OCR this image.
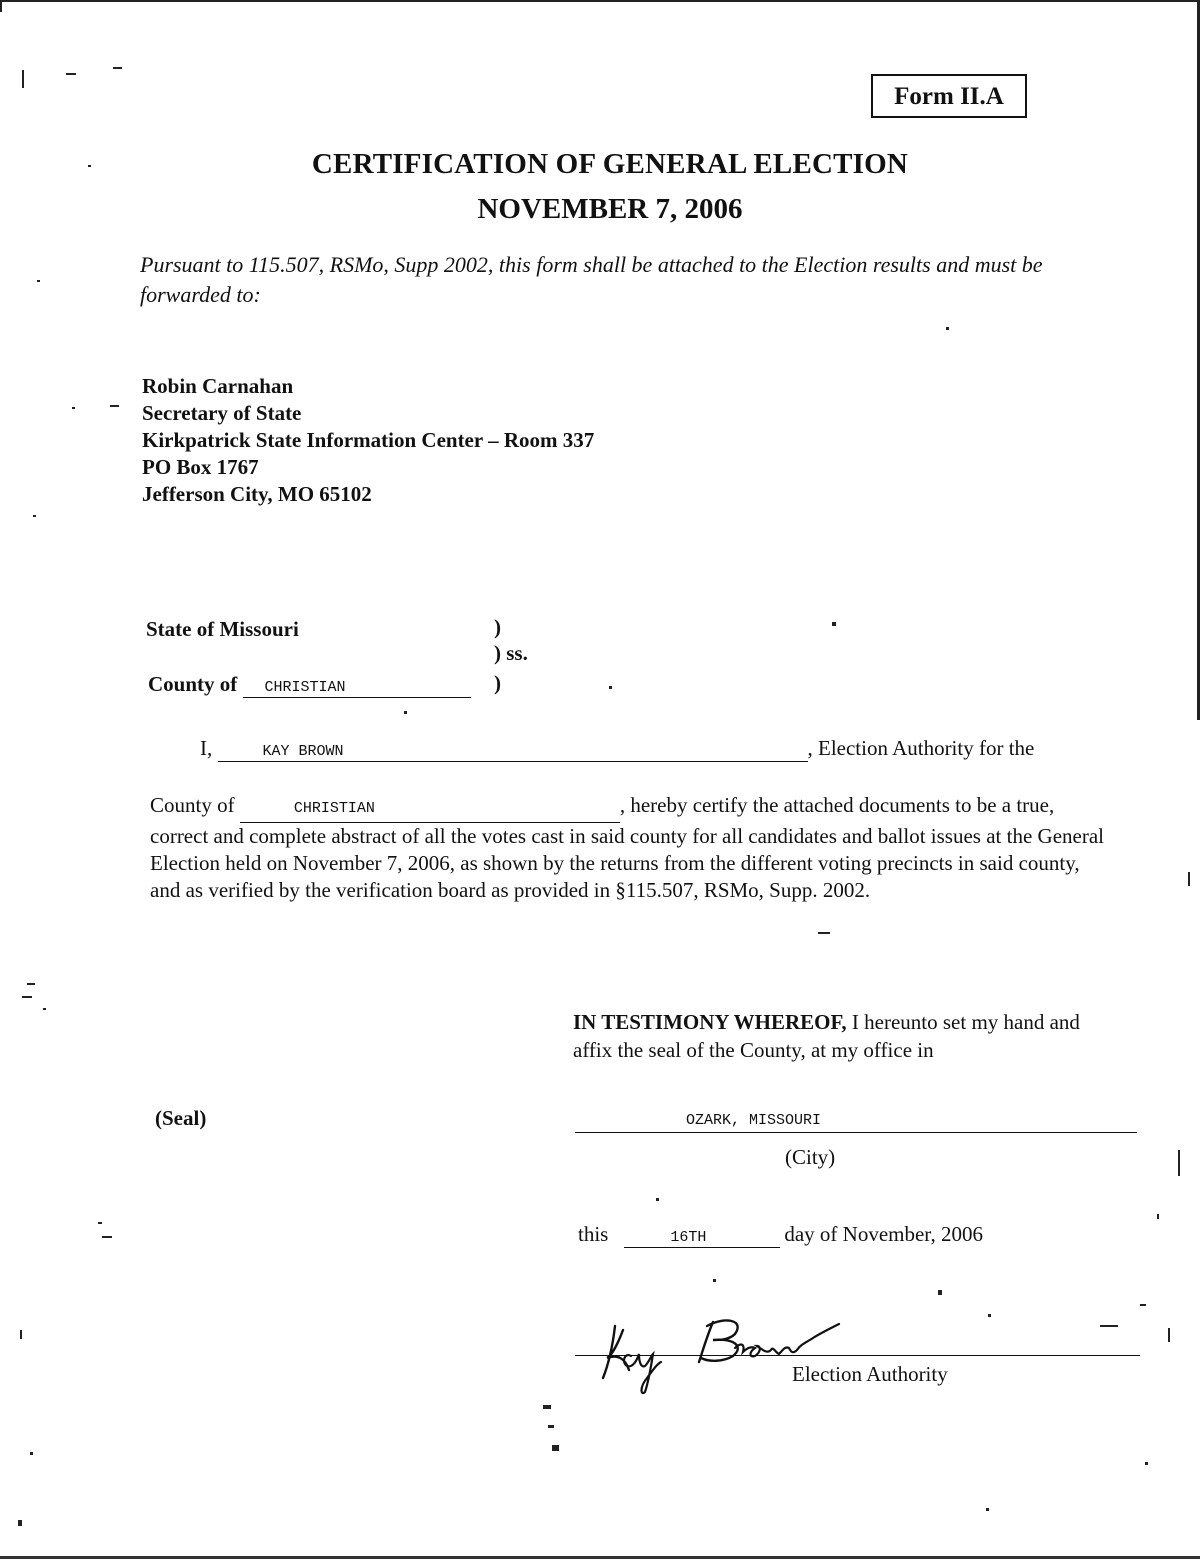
Form II.A
CERTIFICATION OF GENERAL ELECTION
NOVEMBER 7, 2006
Pursuant to 115.507, RSMo, Supp 2002, this form shall be attached to the Election results and must be forwarded to:
Robin Carnahan
Secretary of State
Kirkpatrick State Information Center – Room 337
PO Box 1767
Jefferson City, MO 65102
State of Missouri	)
) ss.
County of CHRISTIAN	)
I,	KAY BROWN	, Election Authority for the
County of	CHRISTIAN	, hereby certify the attached documents to be a true, correct and complete abstract of all the votes cast in said county for all candidates and ballot issues at the General Election held on November 7, 2006, as shown by the returns from the different voting precincts in said county, and as verified by the verification board as provided in §115.507, RSMo, Supp. 2002.
IN TESTIMONY WHEREOF, I hereunto set my hand and affix the seal of the County, at my office in
(Seal)	OZARK, MISSOURI
(City)
this	16TH	day of November, 2006
Election Authority
